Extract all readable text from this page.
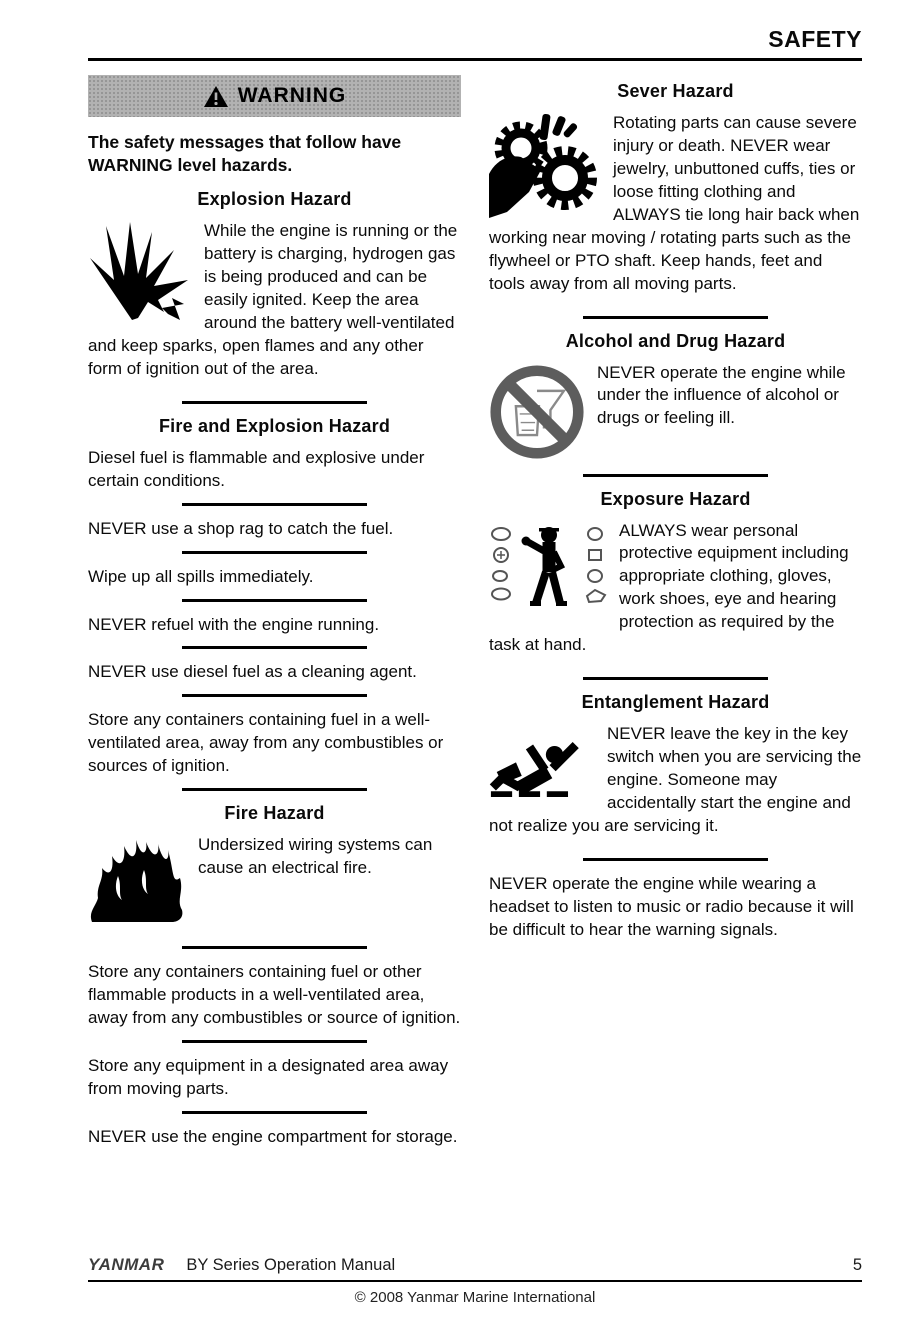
SAFETY
WARNING

The safety messages that follow have WARNING level hazards.

Explosion Hazard

While the engine is running or the battery is charging, hydrogen gas is being produced and can be easily ignited. Keep the area around the battery well-ventilated and keep sparks, open flames and any other form of ignition out of the area.

Fire and Explosion Hazard

Diesel fuel is flammable and explosive under certain conditions.

NEVER use a shop rag to catch the fuel.

Wipe up all spills immediately.

NEVER refuel with the engine running.

NEVER use diesel fuel as a cleaning agent.

Store any containers containing fuel in a well-ventilated area, away from any combustibles or sources of ignition.

Fire Hazard

Undersized wiring systems can cause an electrical fire.

Store any containers containing fuel or other flammable products in a well-ventilated area, away from any combustibles or source of ignition.

Store any equipment in a designated area away from moving parts.

NEVER use the engine compartment for storage.

Sever Hazard

Rotating parts can cause severe injury or death. NEVER wear jewelry, unbuttoned cuffs, ties or loose fitting clothing and ALWAYS tie long hair back when working near moving / rotating parts such as the flywheel or PTO shaft. Keep hands, feet and tools away from all moving parts.

Alcohol and Drug Hazard

NEVER operate the engine while under the influence of alcohol or drugs or feeling ill.

Exposure Hazard

ALWAYS wear personal protective equipment including appropriate clothing, gloves, work shoes, eye and hearing protection as required by the task at hand.

Entanglement Hazard

NEVER leave the key in the key switch when you are servicing the engine. Someone may accidentally start the engine and not realize you are servicing it.

NEVER operate the engine while wearing a headset to listen to music or radio because it will be difficult to hear the warning signals.

YANMAR BY Series Operation Manual	5
© 2008 Yanmar Marine International
